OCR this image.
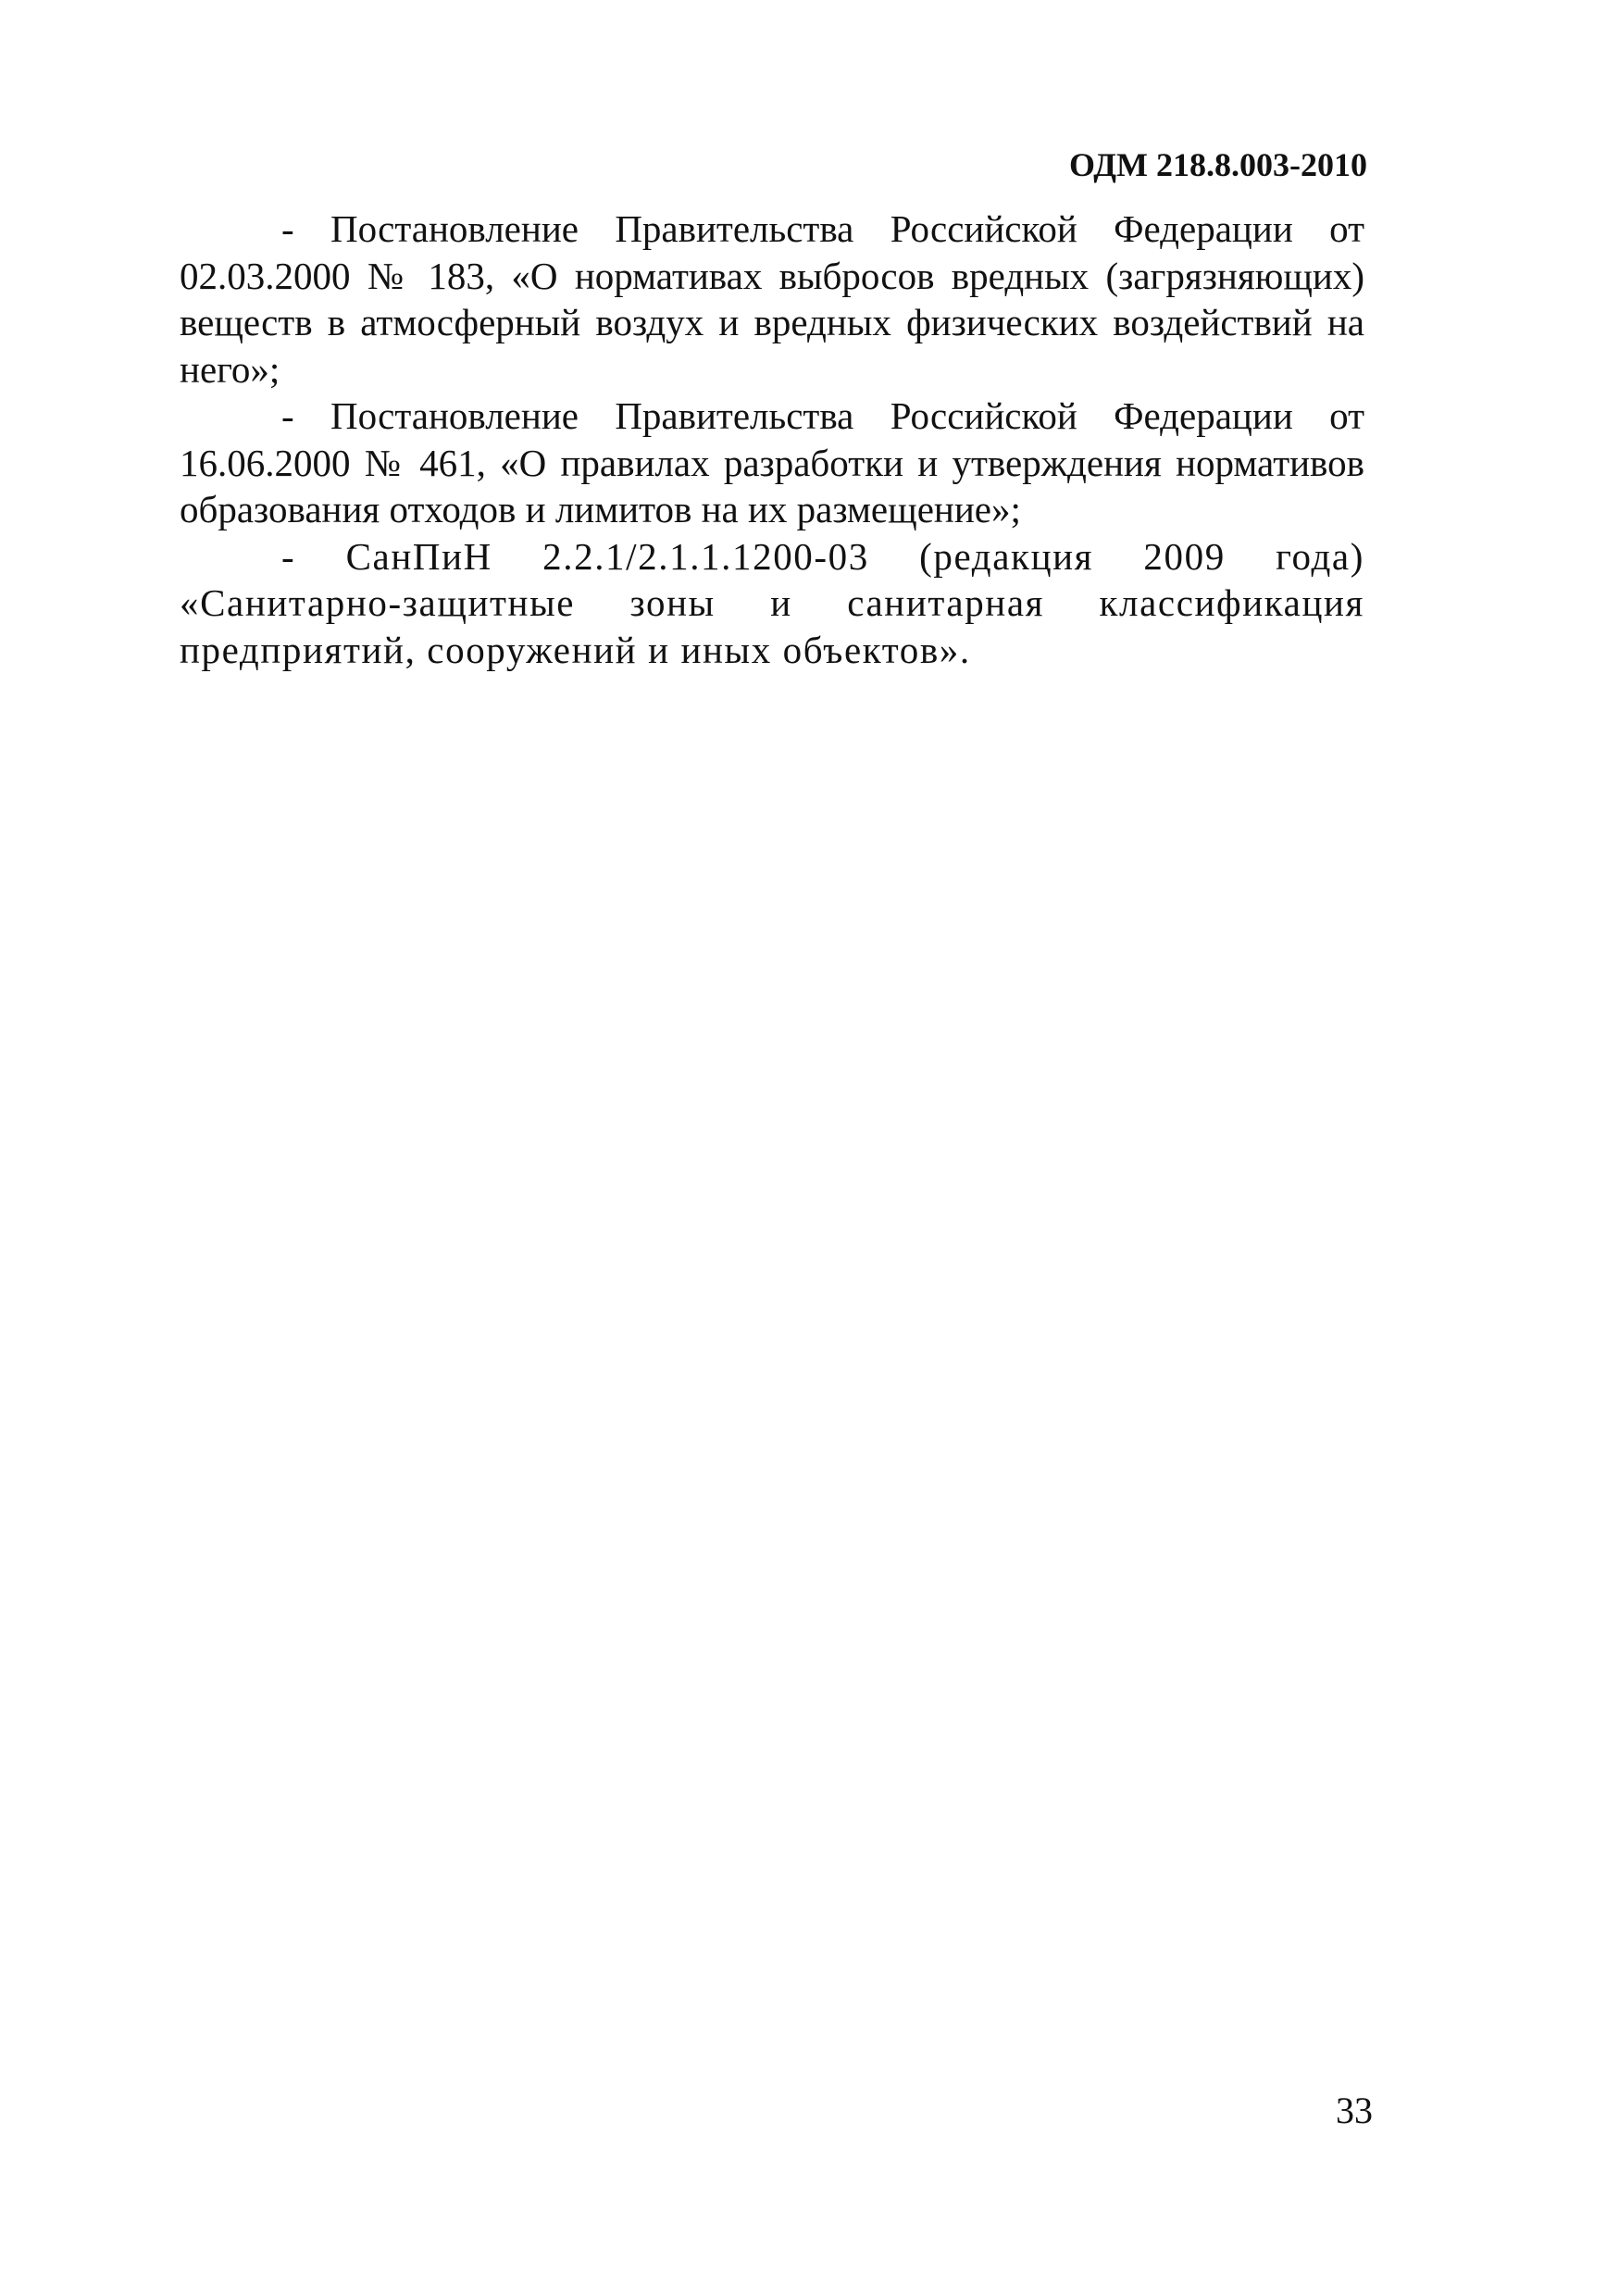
ОДМ 218.8.003-2010

- Постановление Правительства Российской Федерации от 02.03.2000 № 183, «О нормативах выбросов вредных (загрязняющих) веществ в атмосферный воздух и вредных физических воздействий на него»;

- Постановление Правительства Российской Федерации от 16.06.2000 № 461, «О правилах разработки и утверждения нормативов образования отходов и лимитов на их размещение»;

- СанПиН 2.2.1/2.1.1.1200-03 (редакция 2009 года) «Санитарно-защитные зоны и санитарная классификация предприятий, сооружений и иных объектов».

33
